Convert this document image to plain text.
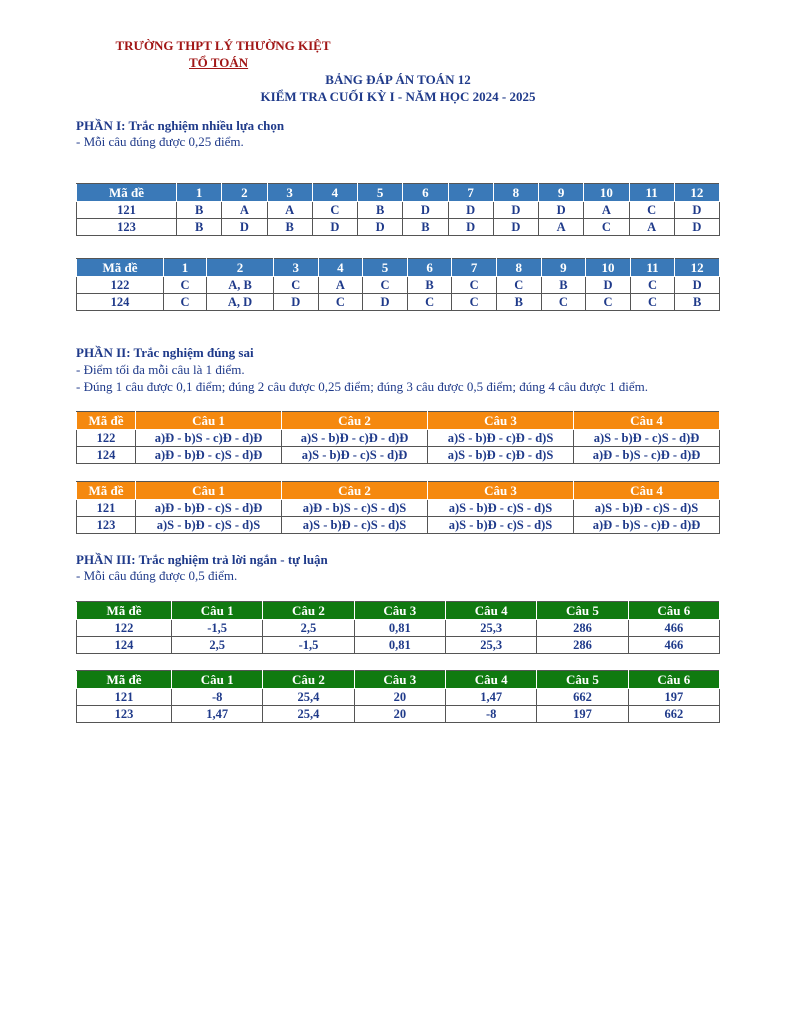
TRƯỜNG THPT LÝ THƯỜNG KIỆT
TỔ TOÁN
BẢNG ĐÁP ÁN TOÁN 12
KIỂM TRA CUỐI KỲ I - NĂM HỌC 2024 - 2025
PHẦN I: Trắc nghiệm nhiều lựa chọn
- Mỗi câu đúng được 0,25 điểm.
Mã đề	1	2	3	4	5	6	7	8	9	10	11	12
121	B	A	A	C	B	D	D	D	D	A	C	D
123	B	D	B	D	D	B	D	D	A	C	A	D
Mã đề	1	2	3	4	5	6	7	8	9	10	11	12
122	C	A, B	C	A	C	B	C	C	B	D	C	D
124	C	A, D	D	C	D	C	C	B	C	C	C	B
PHẦN II: Trắc nghiệm đúng sai
- Điểm tối đa mỗi câu là 1 điểm.
- Đúng 1 câu được 0,1 điểm; đúng 2 câu được 0,25 điểm; đúng 3 câu được 0,5 điểm; đúng 4 câu được 1 điểm.
Mã đề	Câu 1	Câu 2	Câu 3	Câu 4
122	a)Đ - b)S - c)Đ - d)Đ	a)S - b)Đ - c)Đ - d)Đ	a)S - b)Đ - c)Đ - d)S	a)S - b)Đ - c)S - d)Đ
124	a)Đ - b)Đ - c)S - d)Đ	a)S - b)Đ - c)S - d)Đ	a)S - b)Đ - c)Đ - d)S	a)Đ - b)S - c)Đ - d)Đ
Mã đề	Câu 1	Câu 2	Câu 3	Câu 4
121	a)Đ - b)Đ - c)S - d)Đ	a)Đ - b)S - c)S - d)S	a)S - b)Đ - c)S - d)S	a)S - b)Đ - c)S - d)S
123	a)S - b)Đ - c)S - d)S	a)S - b)Đ - c)S - d)S	a)S - b)Đ - c)S - d)S	a)Đ - b)S - c)Đ - d)Đ
PHẦN III: Trắc nghiệm trả lời ngắn - tự luận
- Mỗi câu đúng được 0,5 điểm.
Mã đề	Câu 1	Câu 2	Câu 3	Câu 4	Câu 5	Câu 6
122	-1,5	2,5	0,81	25,3	286	466
124	2,5	-1,5	0,81	25,3	286	466
Mã đề	Câu 1	Câu 2	Câu 3	Câu 4	Câu 5	Câu 6
121	-8	25,4	20	1,47	662	197
123	1,47	25,4	20	-8	197	662
